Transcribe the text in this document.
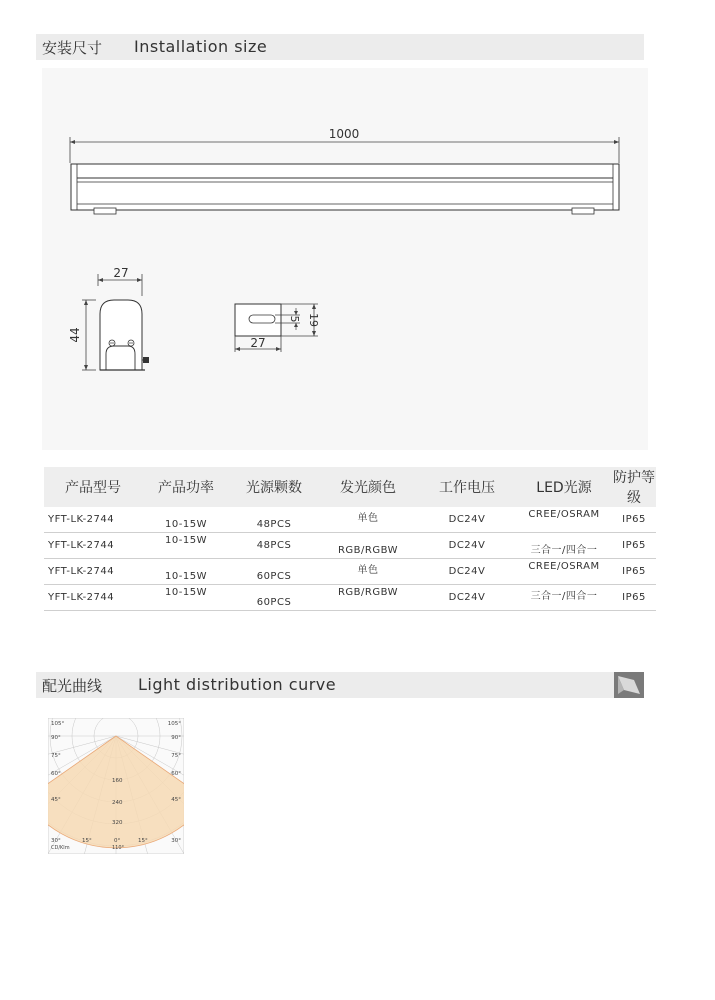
安装尺寸 Installation size
1000
27
44
19
5
27
产品型号	产品功率	光源颗数	发光颜色	工作电压	LED光源	防护等级
YFT-LK-2744	10-15W	48PCS	单色	DC24V	CREE/OSRAM	IP65
YFT-LK-2744	10-15W	48PCS	RGB/RGBW	DC24V	三合一/四合一	IP65
YFT-LK-2744	10-15W	60PCS	单色	DC24V	CREE/OSRAM	IP65
YFT-LK-2744	10-15W	60PCS	RGB/RGBW	DC24V	三合一/四合一	IP65
配光曲线 Light distribution curve
105°
90°
75°
60°
45°
30°
105°
90°
75°
60°
45°
30°
15°	0°	15°
160
240
320
CD/Klm	110°
